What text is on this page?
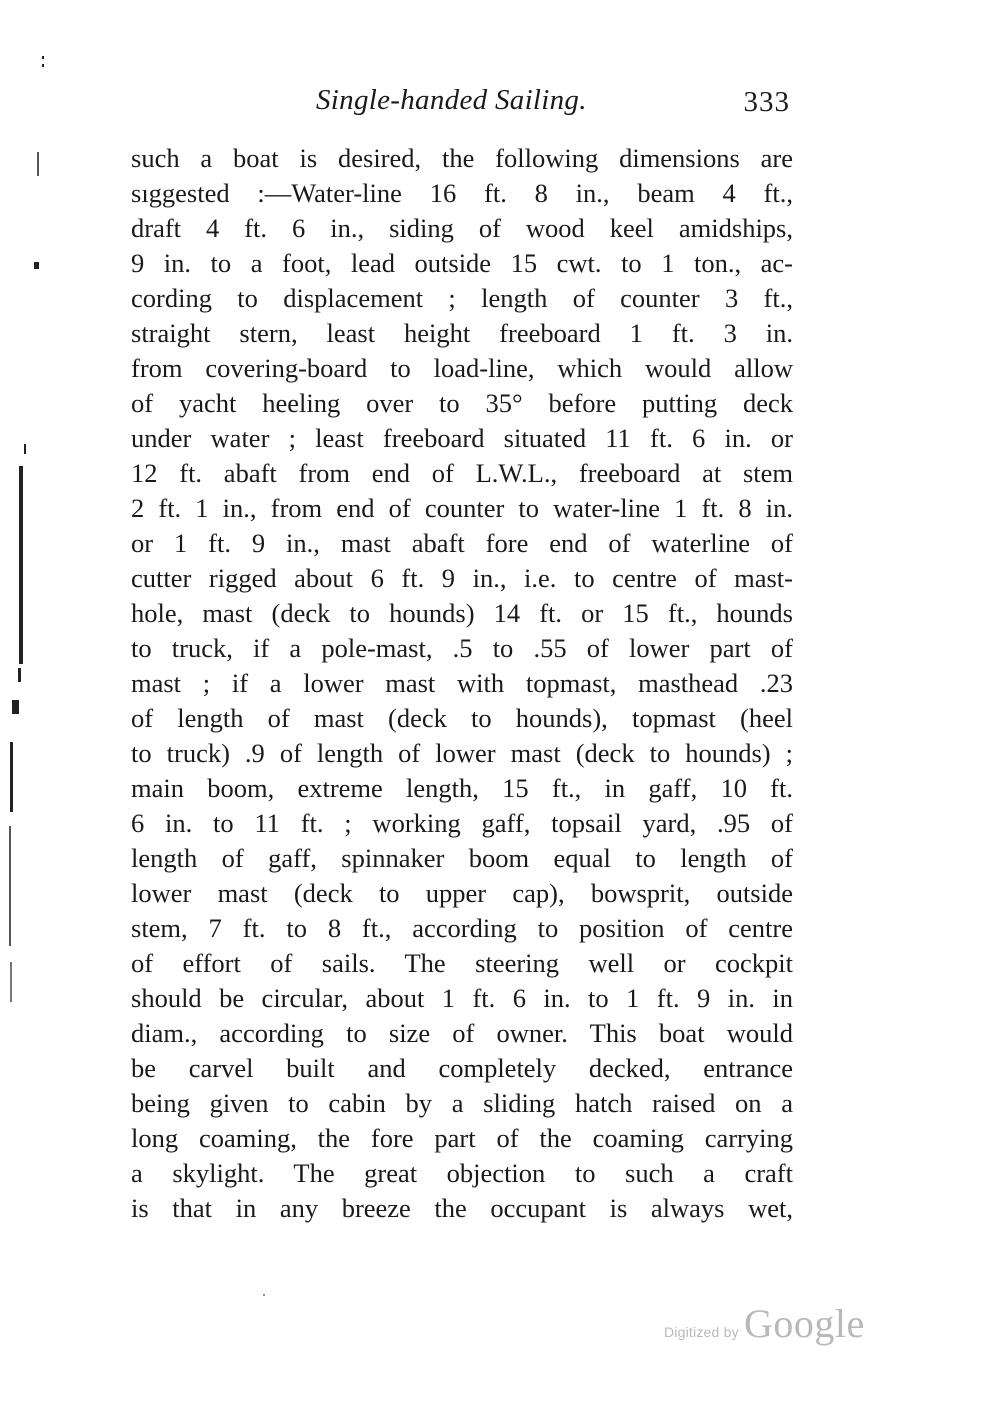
Single-handed Sailing.	333
such a boat is desired, the following dimensions are
sıggested :—Water-line 16 ft. 8 in., beam 4 ft.,
draft 4 ft. 6 in., siding of wood keel amidships,
9 in. to a foot, lead outside 15 cwt. to 1 ton., ac-
cording to displacement ; length of counter 3 ft.,
straight stern, least height freeboard 1 ft. 3 in.
from covering-board to load-line, which would allow
of yacht heeling over to 35° before putting deck
under water ; least freeboard situated 11 ft. 6 in. or
12 ft. abaft from end of L.W.L., freeboard at stem
2 ft. 1 in., from end of counter to water-line 1 ft. 8 in.
or 1 ft. 9 in., mast abaft fore end of waterline of
cutter rigged about 6 ft. 9 in., i.e. to centre of mast-
hole, mast (deck to hounds) 14 ft. or 15 ft., hounds
to truck, if a pole-mast, .5 to .55 of lower part of
mast ; if a lower mast with topmast, masthead .23
of length of mast (deck to hounds), topmast (heel
to truck) .9 of length of lower mast (deck to hounds) ;
main boom, extreme length, 15 ft., in gaff, 10 ft.
6 in. to 11 ft. ; working gaff, topsail yard, .95 of
length of gaff, spinnaker boom equal to length of
lower mast (deck to upper cap), bowsprit, outside
stem, 7 ft. to 8 ft., according to position of centre
of effort of sails. The steering well or cockpit
should be circular, about 1 ft. 6 in. to 1 ft. 9 in. in
diam., according to size of owner. This boat would
be carvel built and completely decked, entrance
being given to cabin by a sliding hatch raised on a
long coaming, the fore part of the coaming carrying
a skylight. The great objection to such a craft
is that in any breeze the occupant is always wet,
Digitized by Google
